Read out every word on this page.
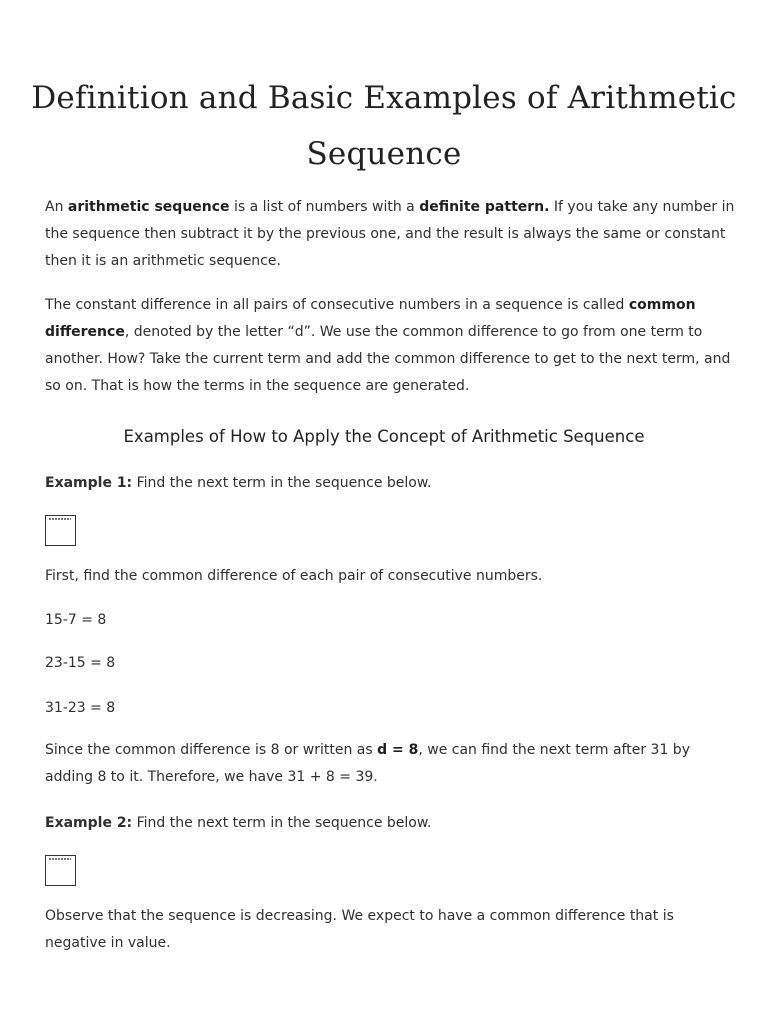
Definition and Basic Examples of Arithmetic Sequence

An arithmetic sequence is a list of numbers with a definite pattern. If you take any number in the sequence then subtract it by the previous one, and the result is always the same or constant then it is an arithmetic sequence.

The constant difference in all pairs of consecutive numbers in a sequence is called common difference, denoted by the letter “d”. We use the common difference to go from one term to another. How? Take the current term and add the common difference to get to the next term, and so on. That is how the terms in the sequence are generated.

Examples of How to Apply the Concept of Arithmetic Sequence

Example 1: Find the next term in the sequence below.

First, find the common difference of each pair of consecutive numbers.

15-7 = 8

23-15 = 8

31-23 = 8

Since the common difference is 8 or written as d = 8, we can find the next term after 31 by adding 8 to it. Therefore, we have 31 + 8 = 39.

Example 2: Find the next term in the sequence below.

Observe that the sequence is decreasing. We expect to have a common difference that is negative in value.
